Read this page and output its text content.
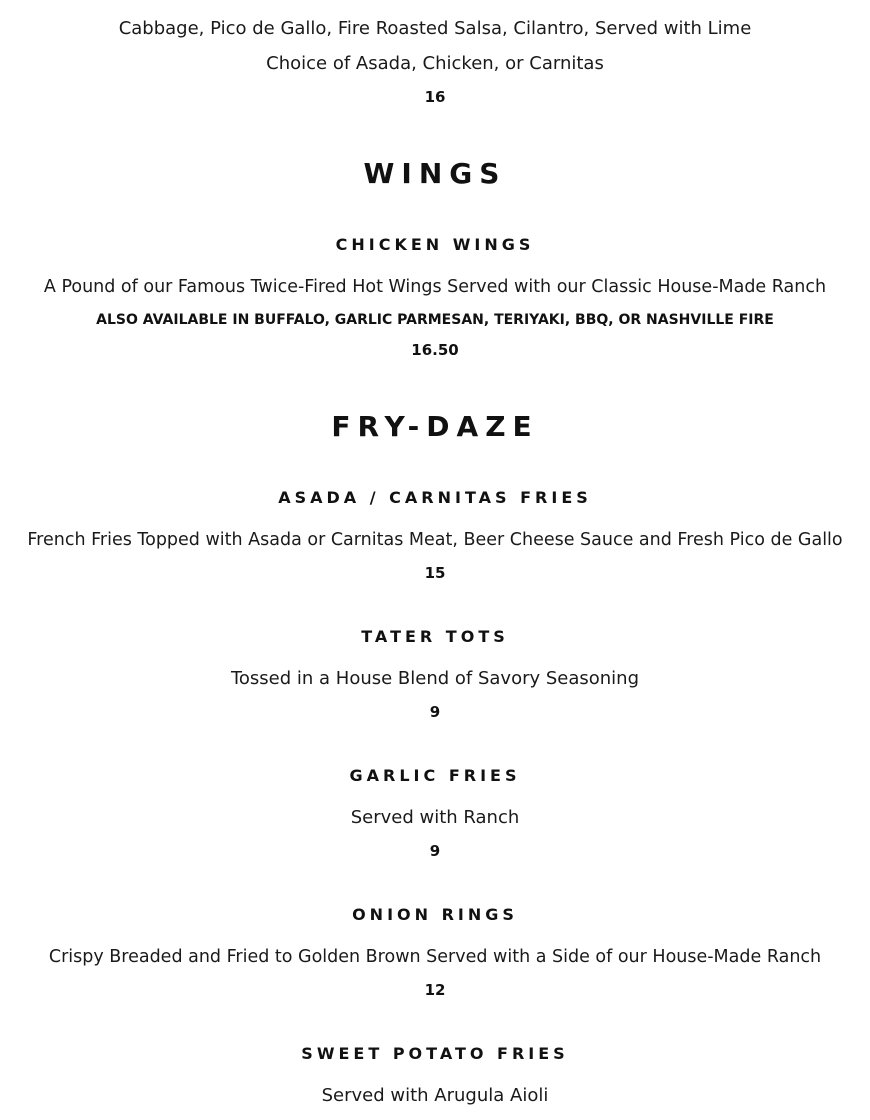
Cabbage, Pico de Gallo, Fire Roasted Salsa, Cilantro, Served with Lime
Choice of Asada, Chicken, or Carnitas
16
WINGS
CHICKEN WINGS
A Pound of our Famous Twice-Fired Hot Wings Served with our Classic House-Made Ranch
ALSO AVAILABLE IN BUFFALO, GARLIC PARMESAN, TERIYAKI, BBQ, OR NASHVILLE FIRE
16.50
FRY-DAZE
ASADA / CARNITAS FRIES
French Fries Topped with Asada or Carnitas Meat, Beer Cheese Sauce and Fresh Pico de Gallo
15
TATER TOTS
Tossed in a House Blend of Savory Seasoning
9
GARLIC FRIES
Served with Ranch
9
ONION RINGS
Crispy Breaded and Fried to Golden Brown Served with a Side of our House-Made Ranch
12
SWEET POTATO FRIES
Served with Arugula Aioli
